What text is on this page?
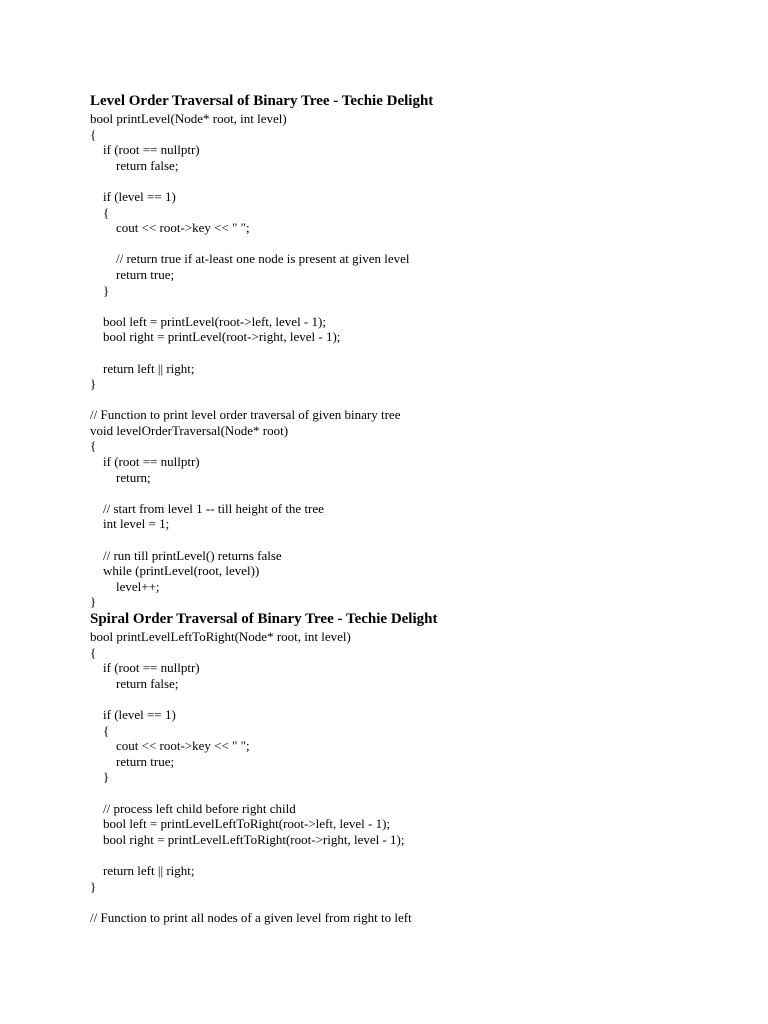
Level Order Traversal of Binary Tree - Techie Delight
bool printLevel(Node* root, int level)
{
if (root == nullptr)
return false;
if (level == 1)
{
cout << root->key << " ";
// return true if at-least one node is present at given level
return true;
}
bool left = printLevel(root->left, level - 1);
bool right = printLevel(root->right, level - 1);
return left || right;
}
// Function to print level order traversal of given binary tree
void levelOrderTraversal(Node* root)
{
if (root == nullptr)
return;
// start from level 1 -- till height of the tree
int level = 1;
// run till printLevel() returns false
while (printLevel(root, level))
level++;
}
Spiral Order Traversal of Binary Tree - Techie Delight
bool printLevelLeftToRight(Node* root, int level)
{
if (root == nullptr)
return false;
if (level == 1)
{
cout << root->key << " ";
return true;
}
// process left child before right child
bool left = printLevelLeftToRight(root->left, level - 1);
bool right = printLevelLeftToRight(root->right, level - 1);
return left || right;
}
// Function to print all nodes of a given level from right to left
